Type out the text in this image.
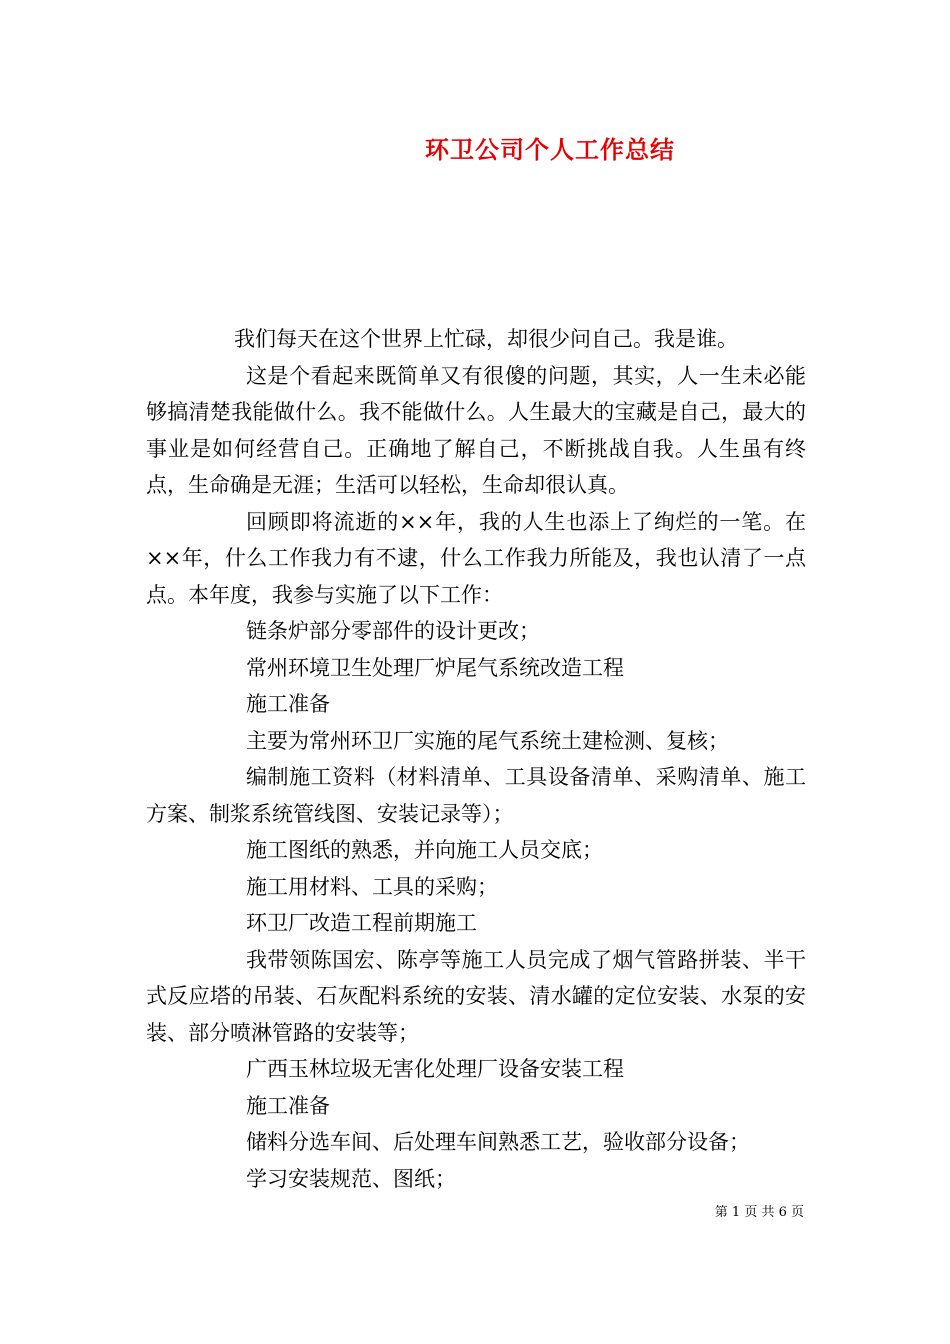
环卫公司个人工作总结

我们每天在这个世界上忙碌，却很少问自己。我是谁。

这是个看起来既简单又有很傻的问题，其实，人一生未必能够搞清楚我能做什么。我不能做什么。人生最大的宝藏是自己，最大的事业是如何经营自己。正确地了解自己，不断挑战自我。人生虽有终点，生命确是无涯；生活可以轻松，生命却很认真。

回顾即将流逝的××年，我的人生也添上了绚烂的一笔。在××年，什么工作我力有不逮，什么工作我力所能及，我也认清了一点点。本年度，我参与实施了以下工作：

链条炉部分零部件的设计更改；

常州环境卫生处理厂炉尾气系统改造工程

施工准备

主要为常州环卫厂实施的尾气系统土建检测、复核；

编制施工资料（材料清单、工具设备清单、采购清单、施工方案、制浆系统管线图、安装记录等）；

施工图纸的熟悉，并向施工人员交底；

施工用材料、工具的采购；

环卫厂改造工程前期施工

我带领陈国宏、陈亭等施工人员完成了烟气管路拼装、半干式反应塔的吊装、石灰配料系统的安装、清水罐的定位安装、水泵的安装、部分喷淋管路的安装等；

广西玉林垃圾无害化处理厂设备安装工程

施工准备

储料分选车间、后处理车间熟悉工艺，验收部分设备；

学习安装规范、图纸；

第 1 页 共 6 页
